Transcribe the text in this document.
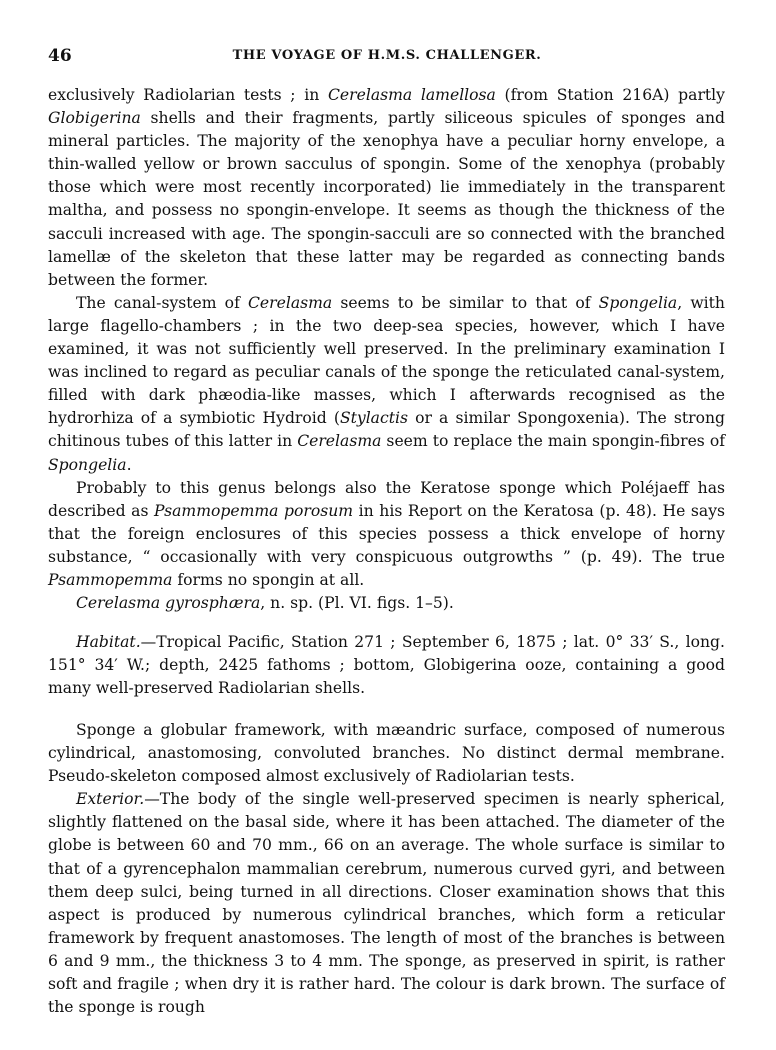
46	THE VOYAGE OF H.M.S. CHALLENGER.

exclusively Radiolarian tests ; in Cerelasma lamellosa (from Station 216A) partly Globigerina shells and their fragments, partly siliceous spicules of sponges and mineral particles. The majority of the xenophya have a peculiar horny envelope, a thin-walled yellow or brown sacculus of spongin. Some of the xenophya (probably those which were most recently incorporated) lie immediately in the transparent maltha, and possess no spongin-envelope. It seems as though the thickness of the sacculi increased with age. The spongin-sacculi are so connected with the branched lamellæ of the skeleton that these latter may be regarded as connecting bands between the former.

The canal-system of Cerelasma seems to be similar to that of Spongelia, with large flagello-chambers ; in the two deep-sea species, however, which I have examined, it was not sufficiently well preserved. In the preliminary examination I was inclined to regard as peculiar canals of the sponge the reticulated canal-system, filled with dark phæodia-like masses, which I afterwards recognised as the hydrorhiza of a symbiotic Hydroid (Stylactis or a similar Spongoxenia). The strong chitinous tubes of this latter in Cerelasma seem to replace the main spongin-fibres of Spongelia.

Probably to this genus belongs also the Keratose sponge which Poléjaeff has described as Psammopemma porosum in his Report on the Keratosa (p. 48). He says that the foreign enclosures of this species possess a thick envelope of horny substance, “ occasionally with very conspicuous outgrowths ” (p. 49). The true Psammopemma forms no spongin at all.

Cerelasma gyrosphæra, n. sp. (Pl. VI. figs. 1–5).

Habitat.—Tropical Pacific, Station 271 ; September 6, 1875 ; lat. 0° 33′ S., long. 151° 34′ W.; depth, 2425 fathoms ; bottom, Globigerina ooze, containing a good many well-preserved Radiolarian shells.

Sponge a globular framework, with mæandric surface, composed of numerous cylindrical, anastomosing, convoluted branches. No distinct dermal membrane. Pseudo-skeleton composed almost exclusively of Radiolarian tests.

Exterior.—The body of the single well-preserved specimen is nearly spherical, slightly flattened on the basal side, where it has been attached. The diameter of the globe is between 60 and 70 mm., 66 on an average. The whole surface is similar to that of a gyrencephalon mammalian cerebrum, numerous curved gyri, and between them deep sulci, being turned in all directions. Closer examination shows that this aspect is produced by numerous cylindrical branches, which form a reticular framework by frequent anastomoses. The length of most of the branches is between 6 and 9 mm., the thickness 3 to 4 mm. The sponge, as preserved in spirit, is rather soft and fragile ; when dry it is rather hard. The colour is dark brown. The surface of the sponge is rough
